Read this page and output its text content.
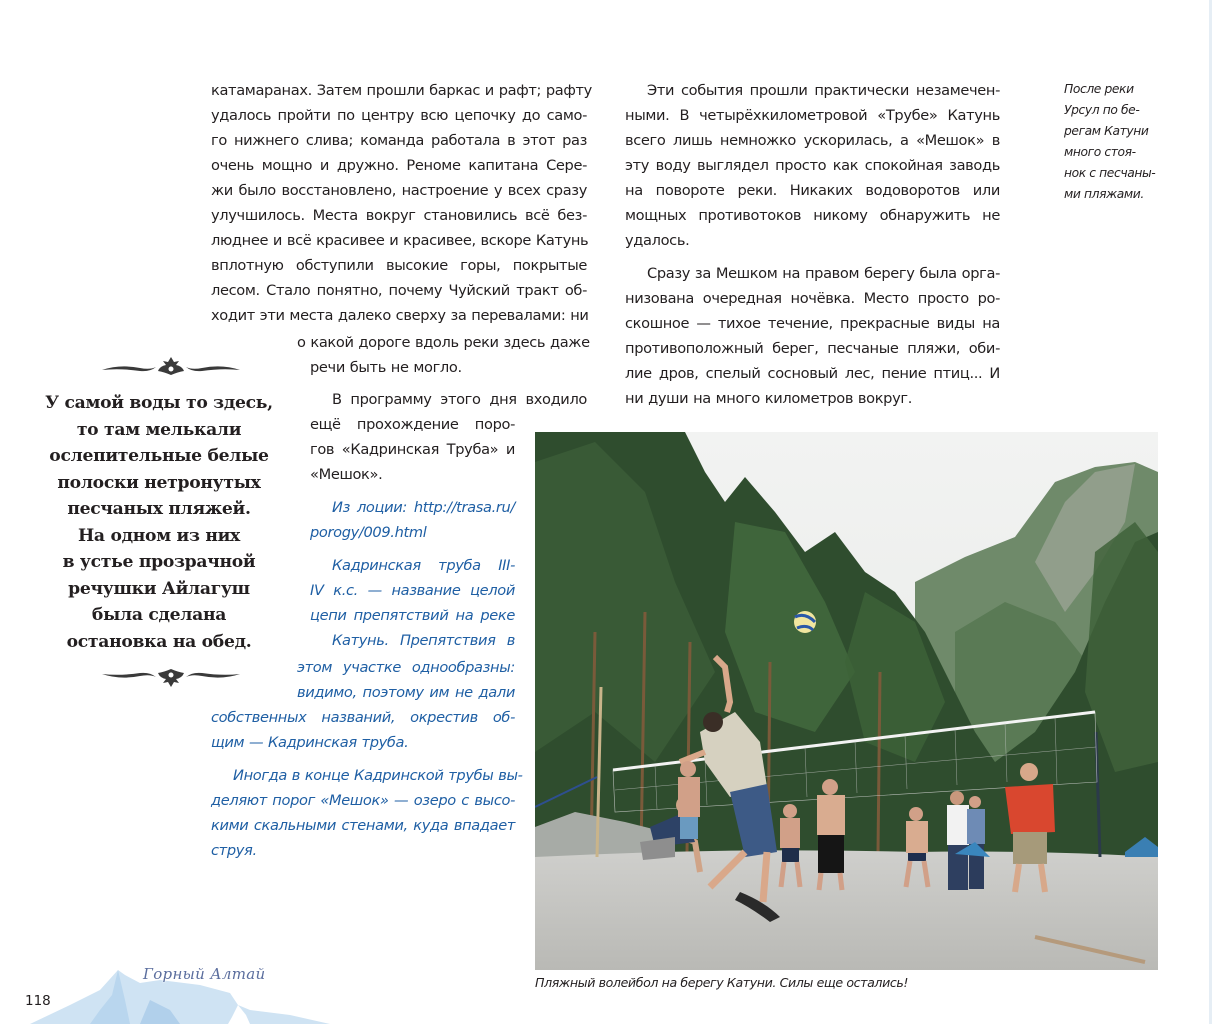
катамаранах. Затем прошли баркас и рафт; рафту
удалось пройти по центру всю цепочку до само-
го нижнего слива; команда работала в этот раз
очень мощно и дружно. Реноме капитана Сере-
жи было восстановлено, настроение у всех сразу
улучшилось. Места вокруг становились всё без-
люднее и всё красивее и красивее, вскоре Катунь
вплотную обступили высокие горы, покрытые
лесом. Стало понятно, почему Чуйский тракт об-
ходит эти места далеко сверху за перевалами: ни
о какой дороге вдоль реки здесь даже
речи быть не могло.
В программу этого дня входило
ещё прохождение поро-
гов «Кадринская Труба» и
«Мешок».
Из лоции: http://trasa.ru/
porogy/009.html
Кадринская труба III-
IV к.с. — название целой
цепи препятствий на реке
Катунь. Препятствия в
этом участке однообразны:
видимо, поэтому им не дали
собственных названий, окрестив об-
щим — Кадринская труба.
Иногда в конце Кадринской трубы вы-
деляют порог «Мешок» — озеро с высо-
кими скальными стенами, куда впадает
струя.
Эти события прошли практически незамечен-
ными. В четырёхкилометровой «Трубе» Катунь
всего лишь немножко ускорилась, а «Мешок» в
эту воду выглядел просто как спокойная заводь
на повороте реки. Никаких водоворотов или
мощных противотоков никому обнаружить не
удалось.
Сразу за Мешком на правом берегу была орга-
низована очередная ночёвка. Место просто ро-
скошное — тихое течение, прекрасные виды на
противоположный берег, песчаные пляжи, оби-
лие дров, спелый сосновый лес, пение птиц... И
ни души на много километров вокруг.
После реки
Урсул по бе-
регам Катуни
много стоя-
нок с песчаны-
ми пляжами.
У самой воды то здесь,
то там мелькали
ослепительные белые
полоски нетронутых
песчаных пляжей.
На одном из них
в устье прозрачной
речушки Айлагуш
была сделана
остановка на обед.
Пляжный волейбол на берегу Катуни. Силы еще остались!
Горный Алтай
118
